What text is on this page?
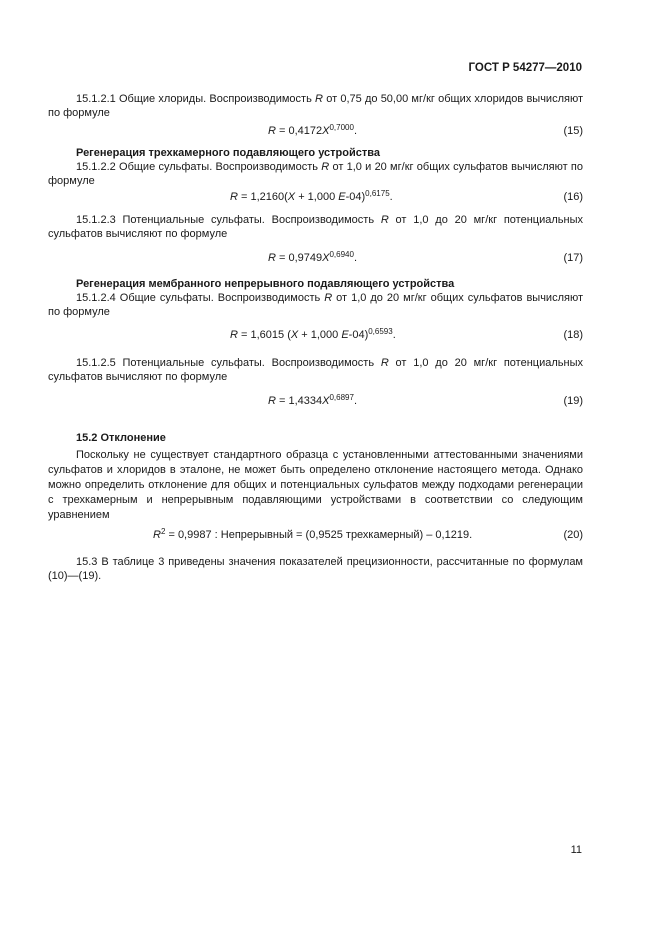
ГОСТ Р 54277—2010
15.1.2.1 Общие хлориды. Воспроизводимость R от 0,75 до 50,00 мг/кг общих хлоридов вычисляют по формуле
$R = 0,4172X^{0,7000}$.	(15)
Регенерация трехкамерного подавляющего устройства
15.1.2.2 Общие сульфаты. Воспроизводимость R от 1,0 и 20 мг/кг общих сульфатов вычисляют по формуле
R = 1,2160(X + 1,000 E-04)$^{0,6175}$.	(16)
15.1.2.3 Потенциальные сульфаты. Воспроизводимость R от 1,0 до 20 мг/кг потенциальных сульфатов вычисляют по формуле
$R = 0,9749X^{0,6940}$.	(17)
Регенерация мембранного непрерывного подавляющего устройства
15.1.2.4 Общие сульфаты. Воспроизводимость R от 1,0 до 20 мг/кг общих сульфатов вычисляют по формуле
R = 1,6015 (X + 1,000 E-04)$^{0,6593}$.	(18)
15.1.2.5 Потенциальные сульфаты. Воспроизводимость R от 1,0 до 20 мг/кг потенциальных сульфатов вычисляют по формуле
$R = 1,4334X^{0,6897}$.	(19)
15.2 Отклонение
Поскольку не существует стандартного образца с установленными аттестованными значениями сульфатов и хлоридов в эталоне, не может быть определено отклонение настоящего метода. Однако можно определить отклонение для общих и потенциальных сульфатов между подходами регенерации с трехкамерным и непрерывным подавляющими устройствами в соответствии со следующим уравнением
$R^2 = 0,9987$ : Непрерывный = (0,9525 трехкамерный) – 0,1219.	(20)
15.3 В таблице 3 приведены значения показателей прецизионности, рассчитанные по формулам (10)—(19).
11
